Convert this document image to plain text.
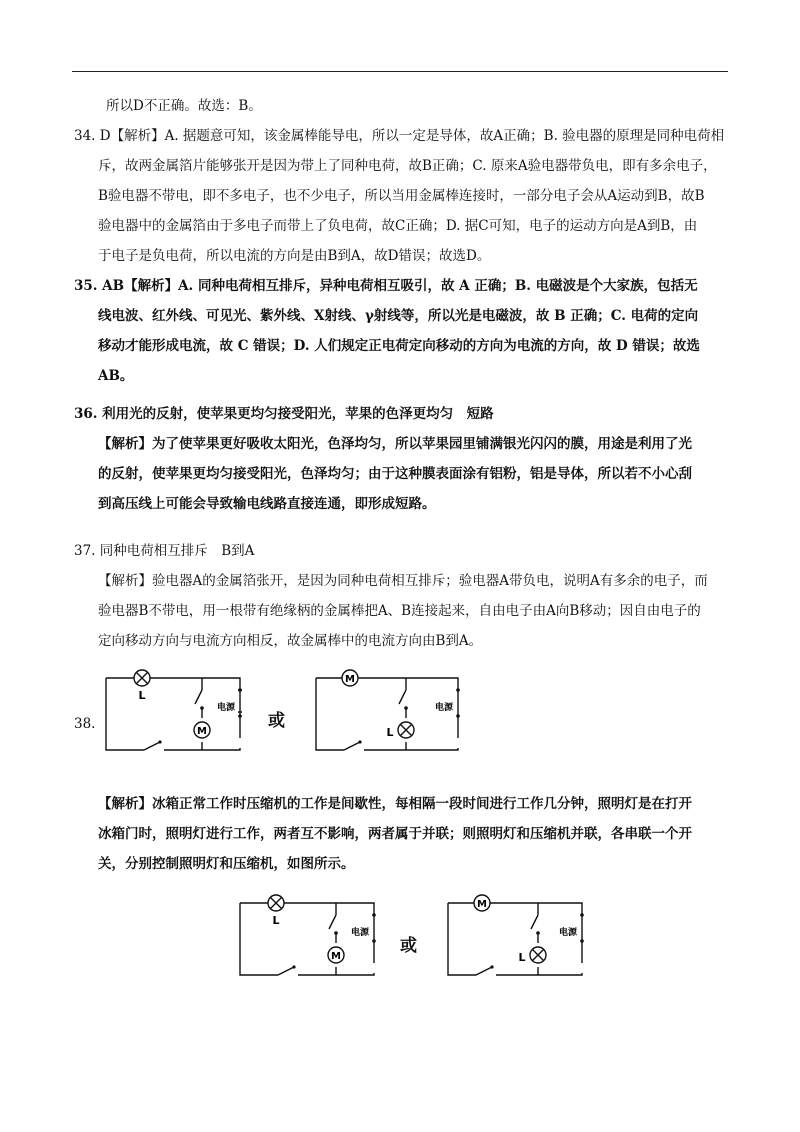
所以D不正确。故选：B。
34. D【解析】A. 据题意可知，该金属棒能导电，所以一定是导体，故A正确；B. 验电器的原理是同种电荷相
斥，故两金属箔片能够张开是因为带上了同种电荷，故B正确；C. 原来A验电器带负电，即有多余电子，
B验电器不带电，即不多电子，也不少电子，所以当用金属棒连接时，一部分电子会从A运动到B，故B
验电器中的金属箔由于多电子而带上了负电荷，故C正确；D. 据C可知，电子的运动方向是A到B，由
于电子是负电荷，所以电流的方向是由B到A，故D错误；故选D。
35. AB【解析】A. 同种电荷相互排斥，异种电荷相互吸引，故 A 正确；B. 电磁波是个大家族，包括无
线电波、红外线、可见光、紫外线、X射线、γ射线等，所以光是电磁波，故 B 正确；C. 电荷的定向
移动才能形成电流，故 C 错误；D. 人们规定正电荷定向移动的方向为电流的方向，故 D 错误；故选
AB。
36. 利用光的反射，使苹果更均匀接受阳光，苹果的色泽更均匀　短路
【解析】为了使苹果更好吸收太阳光，色泽均匀，所以苹果园里铺满银光闪闪的膜，用途是利用了光
的反射，使苹果更均匀接受阳光，色泽均匀；由于这种膜表面涂有铝粉，铝是导体，所以若不小心刮
到高压线上可能会导致输电线路直接连通，即形成短路。
37. 同种电荷相互排斥　B到A
【解析】验电器A的金属箔张开，是因为同种电荷相互排斥；验电器A带负电，说明A有多余的电子，而
验电器B不带电，用一根带有绝缘柄的金属棒把A、B连接起来，自由电子由A向B移动；因自由电子的
定向移动方向与电流方向相反，故金属棒中的电流方向由B到A。
38.
L
M
电源
或
M
L
电源
【解析】冰箱正常工作时压缩机的工作是间歇性，每相隔一段时间进行工作几分钟，照明灯是在打开
冰箱门时，照明灯进行工作，两者互不影响，两者属于并联；则照明灯和压缩机并联，各串联一个开
关，分别控制照明灯和压缩机，如图所示。
L
M
电源
或
M
L
电源
